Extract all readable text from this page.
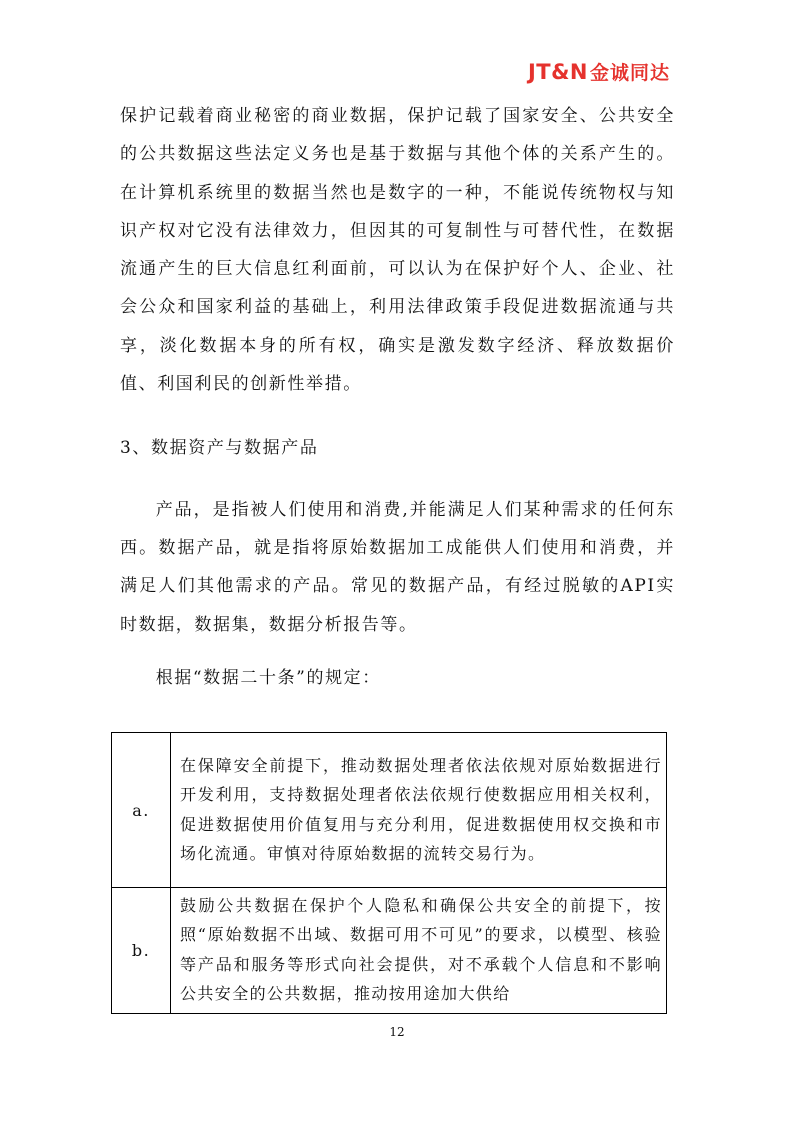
JT&N 金诚同达

保护记载着商业秘密的商业数据，保护记载了国家安全、公共安全的公共数据这些法定义务也是基于数据与其他个体的关系产生的。在计算机系统里的数据当然也是数字的一种，不能说传统物权与知识产权对它没有法律效力，但因其的可复制性与可替代性，在数据流通产生的巨大信息红利面前，可以认为在保护好个人、企业、社会公众和国家利益的基础上，利用法律政策手段促进数据流通与共享，淡化数据本身的所有权，确实是激发数字经济、释放数据价值、利国利民的创新性举措。

3、数据资产与数据产品

产品，是指被人们使用和消费,并能满足人们某种需求的任何东西。数据产品，就是指将原始数据加工成能供人们使用和消费，并满足人们其他需求的产品。常见的数据产品，有经过脱敏的API实时数据，数据集，数据分析报告等。

根据“数据二十条”的规定：

a.	在保障安全前提下，推动数据处理者依法依规对原始数据进行开发利用，支持数据处理者依法依规行使数据应用相关权利，促进数据使用价值复用与充分利用，促进数据使用权交换和市场化流通。审慎对待原始数据的流转交易行为。
b.	鼓励公共数据在保护个人隐私和确保公共安全的前提下，按照“原始数据不出域、数据可用不可见”的要求，以模型、核验等产品和服务等形式向社会提供，对不承载个人信息和不影响公共安全的公共数据，推动按用途加大供给
12
